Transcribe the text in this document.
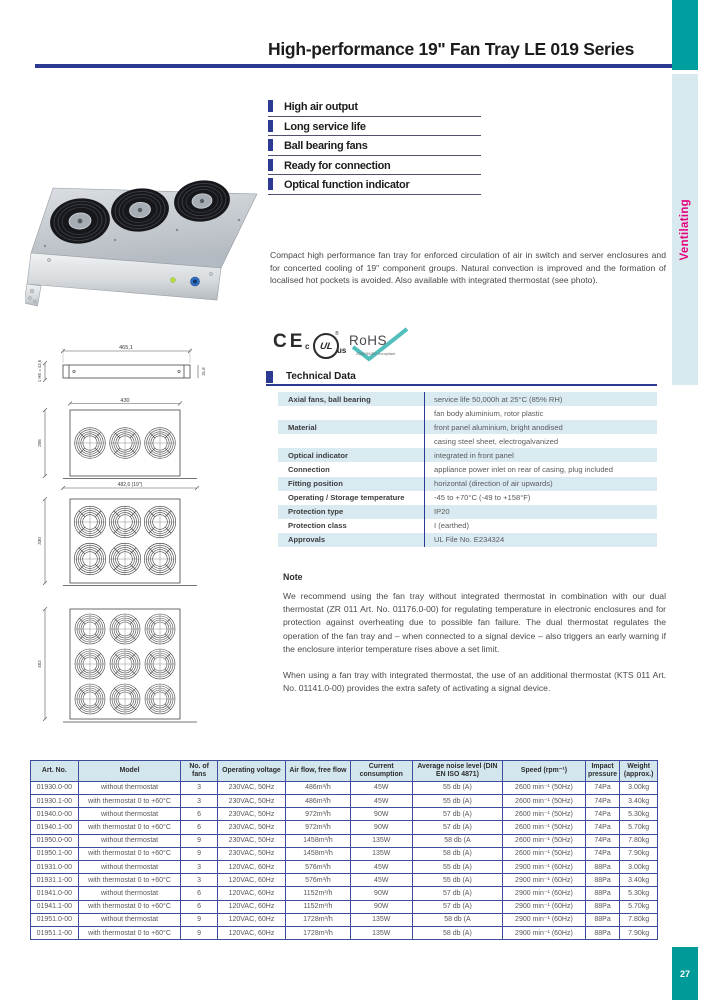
High-performance 19" Fan Tray LE 019 Series
Ventilating
27
High air output
Long service life
Ball bearing fans
Ready for connection
Optical function indicator
Compact high performance fan tray for enforced circulation of air in switch and server enclosures and for concerted cooling of 19" component groups. Natural convection is improved and the formation of localised hot pockets is avoided. Also available with integrated thermostat (see photo).
CE c UL
®
us
RoHS
2002/95/EC compliant
Technical Data
Axial fans, ball bearing	service life 50,000h at 25°C (85% RH)
fan body aluminium, rotor plastic
Material	front panel aluminium, bright anodised
casing steel sheet, electrogalvanized
Optical indicator	integrated in front panel
Connection	appliance power inlet on rear of casing, plug included
Fitting position	horizontal (direction of air upwards)
Operating / Storage temperature	-45 to +70°C (-49 to +158°F)
Protection type	IP20
Protection class	I (earthed)
Approvals	UL File No. E234324
Note

We recommend using the fan tray without integrated thermostat in combination with our dual thermostat (ZR 011 Art. No. 01176.0-00) for regulating temperature in electronic enclosures and for protection against overheating due to possible fan failure. The dual thermostat regulates the operation of the fan tray and – when connected to a signal device – also triggers an early warning if the enclosure interior temperature rises above a set limit.

When using a fan tray with integrated thermostat, the use of an additional thermostat (KTS 011 Art. No. 01141.0-00) provides the extra safety of activating a signal device.

465,1
1 HE = 43,6	31,8
430
482,6 (19")
206
330
452
Art. No.	Model	No. of fans	Operating voltage	Air flow, free flow	Current consumption	Average noise level (DIN EN ISO 4871)	Speed (rpm⁻¹)	Impact pressure	Weight (approx.)
01930.0-00	without thermostat	3	230VAC, 50Hz	486m³/h	45W	55 db (A)	2600 min⁻¹ (50Hz)	74Pa	3.00kg
01930.1-00	with thermostat 0 to +60°C	3	230VAC, 50Hz	486m³/h	45W	55 db (A)	2600 min⁻¹ (50Hz)	74Pa	3.40kg
01940.0-00	without thermostat	6	230VAC, 50Hz	972m³/h	90W	57 db (A)	2600 min⁻¹ (50Hz)	74Pa	5.30kg
01940.1-00	with thermostat 0 to +60°C	6	230VAC, 50Hz	972m³/h	90W	57 db (A)	2600 min⁻¹ (50Hz)	74Pa	5.70kg
01950.0-00	without thermostat	9	230VAC, 50Hz	1458m³/h	135W	58 db (A	2600 min⁻¹ (50Hz)	74Pa	7.80kg
01950.1-00	with thermostat 0 to +60°C	9	230VAC, 50Hz	1458m³/h	135W	58 db (A)	2600 min⁻¹ (50Hz)	74Pa	7.90kg
01931.0-00	without thermostat	3	120VAC, 60Hz	576m³/h	45W	55 db (A)	2900 min⁻¹ (60Hz)	88Pa	3.00kg
01931.1-00	with thermostat 0 to +60°C	3	120VAC, 60Hz	576m³/h	45W	55 db (A)	2900 min⁻¹ (60Hz)	88Pa	3.40kg
01941.0-00	without thermostat	6	120VAC, 60Hz	1152m³/h	90W	57 db (A)	2900 min⁻¹ (60Hz)	88Pa	5.30kg
01941.1-00	with thermostat 0 to +60°C	6	120VAC, 60Hz	1152m³/h	90W	57 db (A)	2900 min⁻¹ (60Hz)	88Pa	5.70kg
01951.0-00	without thermostat	9	120VAC, 60Hz	1728m³/h	135W	58 db (A	2900 min⁻¹ (60Hz)	88Pa	7.80kg
01951.1-00	with thermostat 0 to +60°C	9	120VAC, 60Hz	1728m³/h	135W	58 db (A)	2900 min⁻¹ (60Hz)	88Pa	7.90kg
